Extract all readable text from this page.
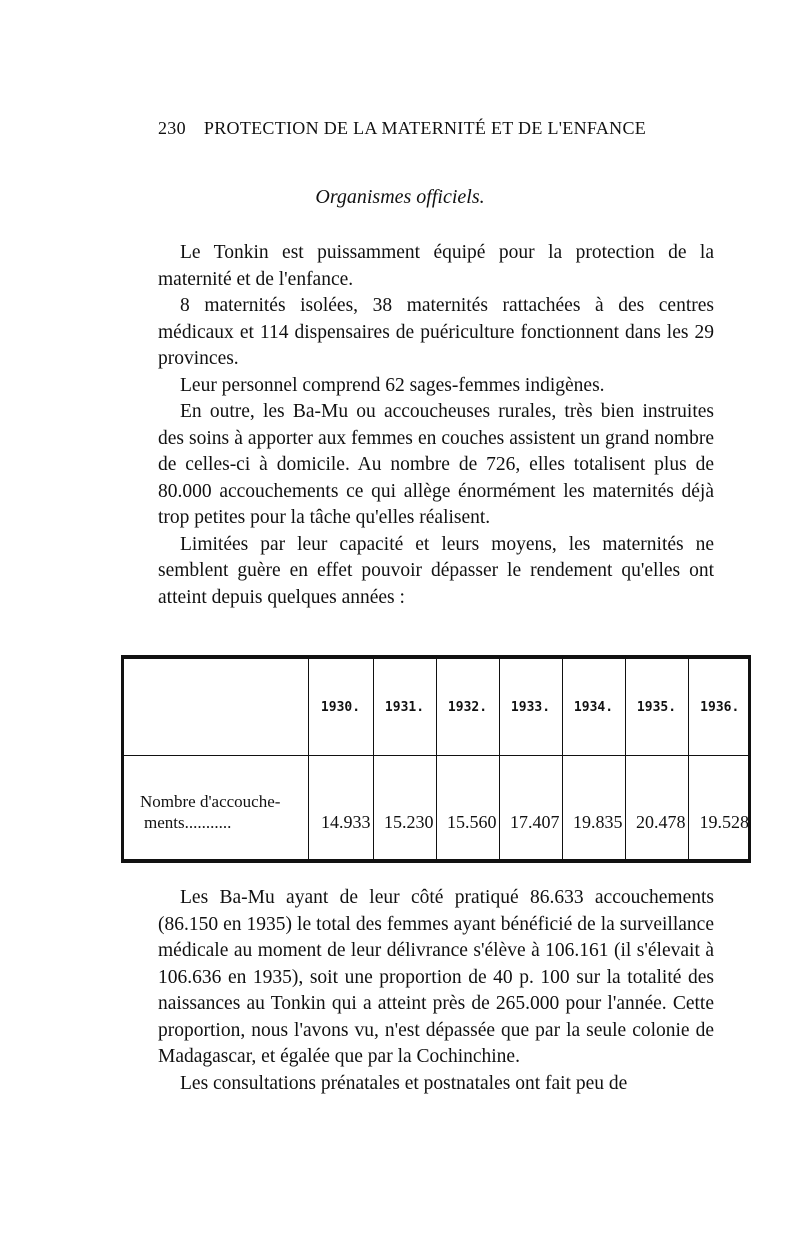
230 PROTECTION DE LA MATERNITÉ ET DE L'ENFANCE
Organismes officiels.

Le Tonkin est puissamment équipé pour la protection de la maternité et de l'enfance.

8 maternités isolées, 38 maternités rattachées à des centres médicaux et 114 dispensaires de puériculture fonctionnent dans les 29 provinces.

Leur personnel comprend 62 sages-femmes indigènes.

En outre, les Ba-Mu ou accoucheuses rurales, très bien instruites des soins à apporter aux femmes en couches assistent un grand nombre de celles-ci à domicile. Au nombre de 726, elles totalisent plus de 80.000 accouchements ce qui allège énormément les maternités déjà trop petites pour la tâche qu'elles réalisent.

Limitées par leur capacité et leurs moyens, les maternités ne semblent guère en effet pouvoir dépasser le rendement qu'elles ont atteint depuis quelques années :

	1930.	1931.	1932.	1933.	1934.	1935.	1936.

Nombre d'accouche-
ments...........	14.933	15.230	15.560	17.407	19.835	20.478	19.528

Les Ba-Mu ayant de leur côté pratiqué 86.633 accouchements (86.150 en 1935) le total des femmes ayant bénéficié de la surveillance médicale au moment de leur délivrance s'élève à 106.161 (il s'élevait à 106.636 en 1935), soit une proportion de 40 p. 100 sur la totalité des naissances au Tonkin qui a atteint près de 265.000 pour l'année. Cette proportion, nous l'avons vu, n'est dépassée que par la seule colonie de Madagascar, et égalée que par la Cochinchine.

Les consultations prénatales et postnatales ont fait peu de
